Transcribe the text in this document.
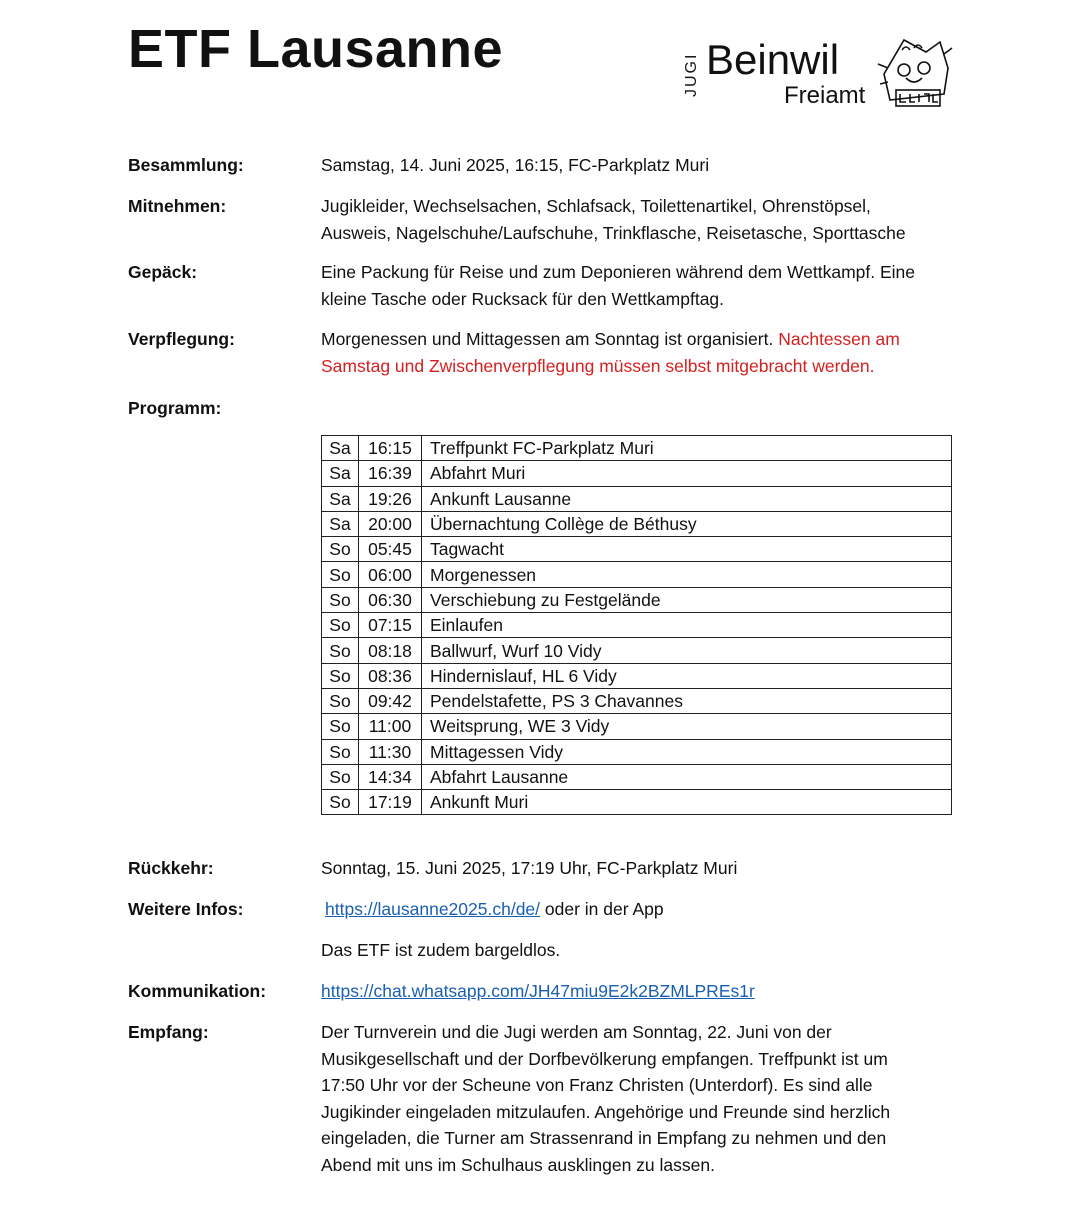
ETF Lausanne	JUGI Beinwil
Freiamt
Besammlung:	Samstag, 14. Juni 2025, 16:15, FC-Parkplatz Muri
Mitnehmen:	Jugikleider, Wechselsachen, Schlafsack, Toilettenartikel, Ohrenstöpsel,
Ausweis, Nagelschuhe/Laufschuhe, Trinkflasche, Reisetasche, Sporttasche
Gepäck:	Eine Packung für Reise und zum Deponieren während dem Wettkampf. Eine
kleine Tasche oder Rucksack für den Wettkampftag.
Verpflegung:	Morgenessen und Mittagessen am Sonntag ist organisiert. Nachtessen am
Samstag und Zwischenverpflegung müssen selbst mitgebracht werden.
Programm:
Sa	16:15	Treffpunkt FC-Parkplatz Muri
Sa	16:39	Abfahrt Muri
Sa	19:26	Ankunft Lausanne
Sa	20:00	Übernachtung Collège de Béthusy
So	05:45	Tagwacht
So	06:00	Morgenessen
So	06:30	Verschiebung zu Festgelände
So	07:15	Einlaufen
So	08:18	Ballwurf, Wurf 10 Vidy
So	08:36	Hindernislauf, HL 6 Vidy
So	09:42	Pendelstafette, PS 3 Chavannes
So	11:00	Weitsprung, WE 3 Vidy
So	11:30	Mittagessen Vidy
So	14:34	Abfahrt Lausanne
So	17:19	Ankunft Muri
Rückkehr:	Sonntag, 15. Juni 2025, 17:19 Uhr, FC-Parkplatz Muri
Weitere Infos:	https://lausanne2025.ch/de/ oder in der App
Das ETF ist zudem bargeldlos.
Kommunikation:	https://chat.whatsapp.com/JH47miu9E2k2BZMLPREs1r
Empfang:	Der Turnverein und die Jugi werden am Sonntag, 22. Juni von der
Musikgesellschaft und der Dorfbevölkerung empfangen. Treffpunkt ist um
17:50 Uhr vor der Scheune von Franz Christen (Unterdorf). Es sind alle
Jugikinder eingeladen mitzulaufen. Angehörige und Freunde sind herzlich
eingeladen, die Turner am Strassenrand in Empfang zu nehmen und den
Abend mit uns im Schulhaus ausklingen zu lassen.
